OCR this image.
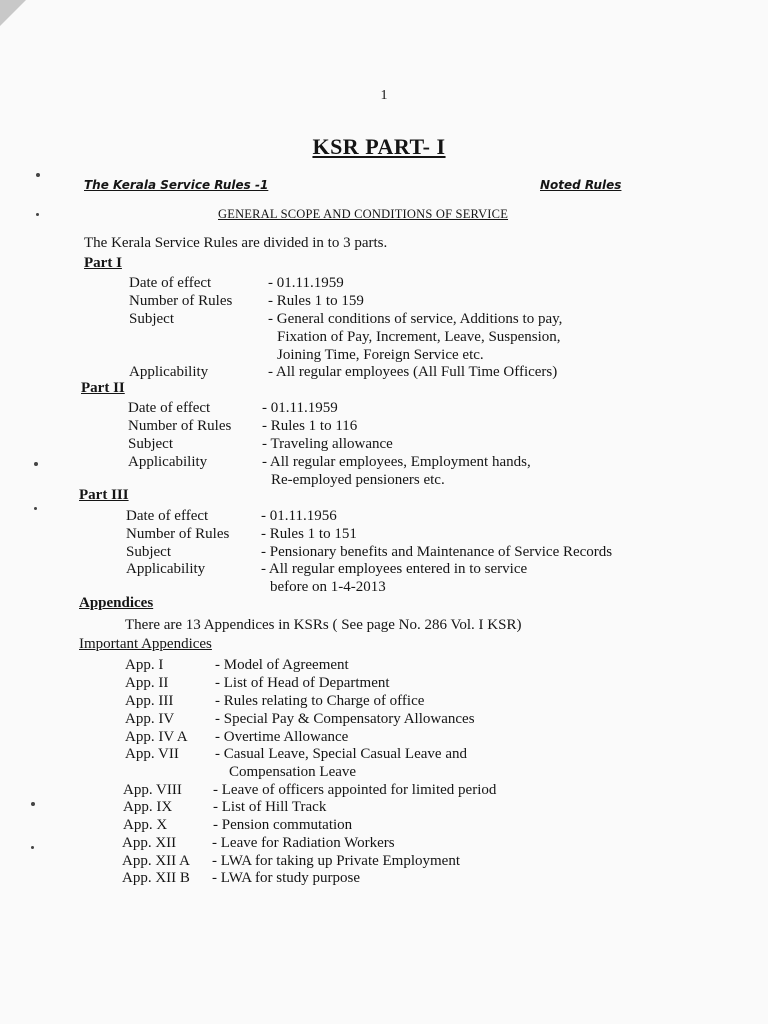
1
KSR PART- I
The Kerala Service Rules -1	Noted Rules
GENERAL SCOPE AND CONDITIONS OF SERVICE
The Kerala Service Rules are divided in to 3 parts.
Part I
Date of effect	- 01.11.1959
Number of Rules - Rules 1 to 159
Subject	- General conditions of service, Additions to pay,
Fixation of Pay, Increment, Leave, Suspension,
Joining Time, Foreign Service etc.
Applicability	- All regular employees (All Full Time Officers)
Part II
Date of effect	- 01.11.1959
Number of Rules - Rules 1 to 116
Subject	- Traveling allowance
Applicability	- All regular employees, Employment hands,
Re-employed pensioners etc.
Part III
Date of effect	- 01.11.1956
Number of Rules - Rules 1 to 151
Subject	- Pensionary benefits and Maintenance of Service Records
Applicability	- All regular employees entered in to service
before on 1-4-2013
Appendices
There are 13 Appendices in KSRs ( See page No. 286 Vol. I KSR)
Important Appendices
App. I	- Model of Agreement
App. II	- List of Head of Department
App. III	- Rules relating to Charge of office
App. IV	- Special Pay & Compensatory Allowances
App. IV A - Overtime Allowance
App. VII - Casual Leave, Special Casual Leave and
Compensation Leave
App. VIII - Leave of officers appointed for limited period
App. IX	- List of Hill Track
App. X	- Pension commutation
App. XII - Leave for Radiation Workers
App. XII A - LWA for taking up Private Employment
App. XII B - LWA for study purpose
